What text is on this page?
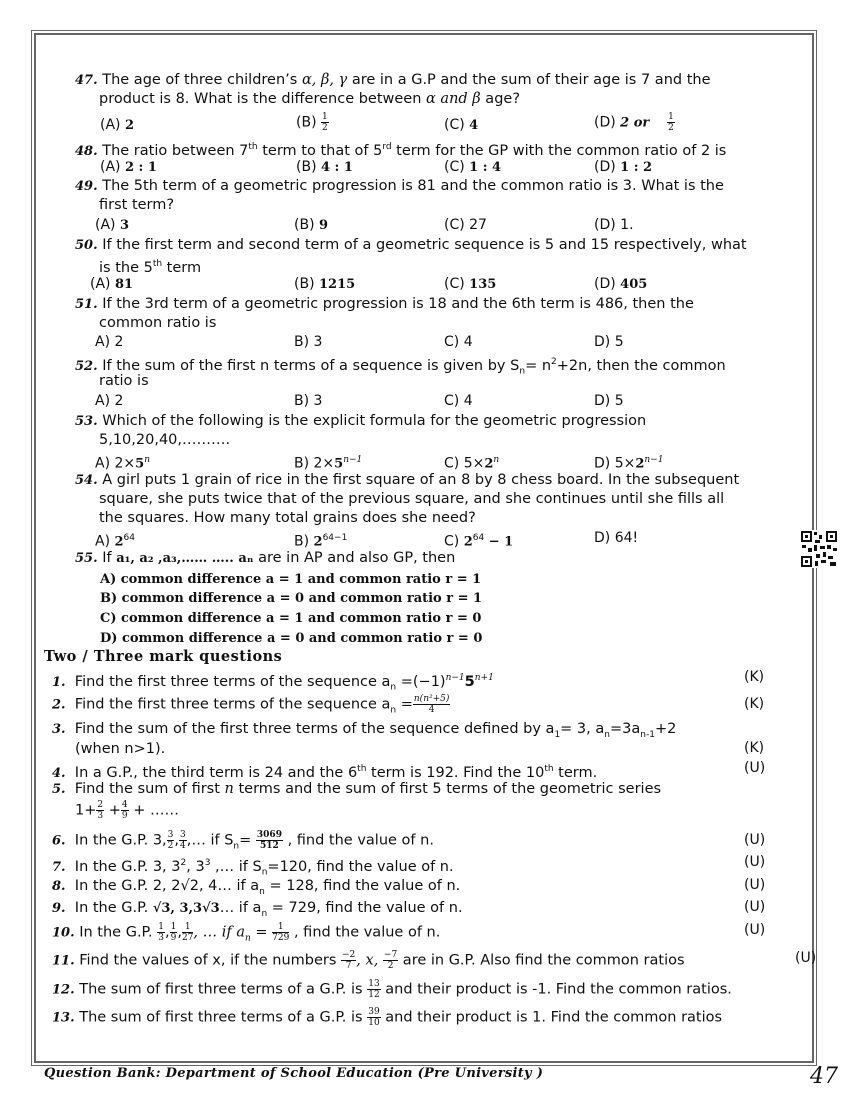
47. The age of three children’s α, β, γ are in a G.P and the sum of their age is 7 and the
product is 8. What is the difference between α and β age?
(A) 2	$(B) \frac{1}{2}$	(C) 4	(D) 2 or $\frac{1}{2}$
48. The ratio between 7th term to that of 5rd term for the GP with the common ratio of 2 is
(A) 2 : 1	(B) 4 : 1	(C) 1 : 4	(D) 1 : 2
49. The 5th term of a geometric progression is 81 and the common ratio is 3. What is the
first term?
(A) 3	(B) 9	(C) 27	(D) 1.
50. If the first term and second term of a geometric sequence is 5 and 15 respectively, what
is the 5th term
(A) 81	(B) 1215	(C) 135	(D) 405
51. If the 3rd term of a geometric progression is 18 and the 6th term is 486, then the
common ratio is
A) 2	B) 3	C) 4	D) 5
52. If the sum of the first n terms of a sequence is given by $S_n= n^2+2n$, then the common
ratio is
A) 2	B) 3	C) 4	D) 5
53. Which of the following is the explicit formula for the geometric progression
5,10,20,40,……….
A) $2\times 5^n$	B) $2\times 5^{n-1}$	C) $5\times 2^n$	D) $5\times 2^{n-1}$
54. A girl puts 1 grain of rice in the first square of an 8 by 8 chess board. In the subsequent
square, she puts twice that of the previous square, and she continues until she fills all
the squares. How many total grains does she need?
A) $2^{64}$	B) $2^{64-1}$	C) $2^{64} - 1$	D) 64!
55. If a₁, a₂ ,a₃,…… ….. aₙ are in AP and also GP, then
A) common difference a = 1 and common ratio r = 1
B) common difference a = 0 and common ratio r = 1
C) common difference a = 1 and common ratio r = 0
D) common difference a = 0 and common ratio r = 0
Two / Three mark questions
1. Find the first three terms of the sequence $a_n =(-1)^{n-1}5^{n+1}$	(K)
2. Find the first three terms of the sequence $a_n = \frac{\text{n(n²+5)}}{4}$	(K)
3. Find the sum of the first three terms of the sequence defined by $a_1= 3$, $a_n=3a_{n-1}+2$
(when n>1).	(K)
4. In a G.P., the third term is 24 and the 6th term is 192. Find the 10th term.	(U)
5. Find the sum of first n terms and the sum of first 5 terms of the geometric series
$1+ \frac{2}{3} + \frac{4}{9}$ + ……
6. In the G.P. 3, $\frac{3}{2}$ , $\frac{3}{4}$ ,… if $S_n= \frac{3069}{512}$ , find the value of n.	(U)
7. In the G.P. 3, $3^2$, $3^3$ ,… if $S_n=120$, find the value of n.	(U)
8. In the G.P. 2, 2√2, 4… if $a_n = 128$, find the value of n.	(U)
9. In the G.P. √3, 3,3√3… if $a_n = 729$, find the value of n.	(U)
10. In the G.P. $\frac{1}{3}$ , $\frac{1}{9}$ , $\frac{1}{27}$ , … if $a_n = \frac{1}{729}$ , find the value of n.	(U)
11. Find the values of x, if the numbers $\frac{-2}{7}$ , x, $\frac{-7}{2}$ are in G.P. Also find the common ratios	(U)
12. The sum of first three terms of a G.P. is $\frac{13}{12}$ and their product is -1. Find the common ratios.
13. The sum of first three terms of a G.P. is $\frac{39}{10}$ and their product is 1. Find the common ratios
Question Bank: Department of School Education (Pre University )	47
